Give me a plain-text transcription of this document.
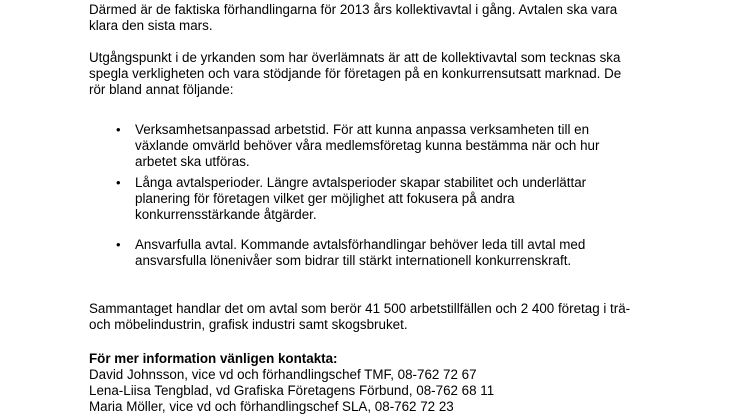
Därmed är de faktiska förhandlingarna för 2013 års kollektivavtal i gång. Avtalen ska vara
klara den sista mars.

Utgångspunkt i de yrkanden som har överlämnats är att de kollektivavtal som tecknas ska
spegla verkligheten och vara stödjande för företagen på en konkurrensutsatt marknad. De
rör bland annat följande:

• Verksamhetsanpassad arbetstid. För att kunna anpassa verksamheten till en
växlande omvärld behöver våra medlemsföretag kunna bestämma när och hur
arbetet ska utföras.
• Långa avtalsperioder. Längre avtalsperioder skapar stabilitet och underlättar
planering för företagen vilket ger möjlighet att fokusera på andra
konkurrensstärkande åtgärder.
• Ansvarfulla avtal. Kommande avtalsförhandlingar behöver leda till avtal med
ansvarsfulla lönenivåer som bidrar till stärkt internationell konkurrenskraft.

Sammantaget handlar det om avtal som berör 41 500 arbetstillfällen och 2 400 företag i trä-
och möbelindustrin, grafisk industri samt skogsbruket.

För mer information vänligen kontakta:
David Johnsson, vice vd och förhandlingschef TMF, 08-762 72 67
Lena-Liisa Tengblad, vd Grafiska Företagens Förbund, 08-762 68 11
Maria Möller, vice vd och förhandlingschef SLA, 08-762 72 23
